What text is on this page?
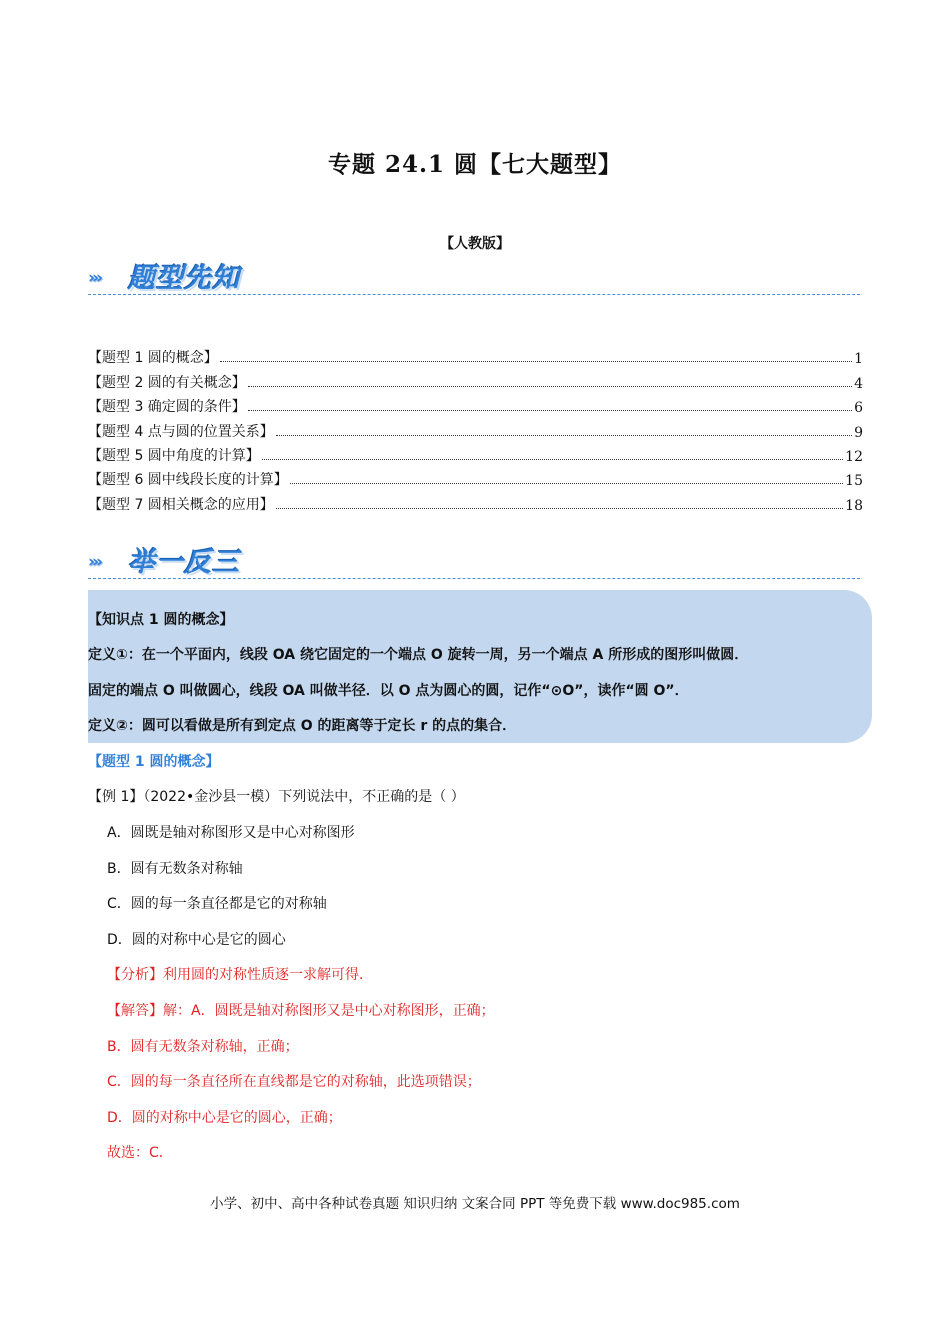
专题 24.1 圆【七大题型】
【人教版】
››› 题型先知
【题型 1 圆的概念】	1
【题型 2 圆的有关概念】	4
【题型 3 确定圆的条件】	6
【题型 4 点与圆的位置关系】	9
【题型 5 圆中角度的计算】	12
【题型 6 圆中线段长度的计算】	15
【题型 7 圆相关概念的应用】	18
››› 举一反三
【知识点 1 圆的概念】
定义①：在一个平面内，线段 OA 绕它固定的一个端点 O 旋转一周，另一个端点 A 所形成的图形叫做圆．
固定的端点 O 叫做圆心，线段 OA 叫做半径．以 O 点为圆心的圆，记作“⊙O”，读作“圆 O”．
定义②：圆可以看做是所有到定点 O 的距离等于定长 r 的点的集合．
【题型 1 圆的概念】
【例 1】（2022•金沙县一模）下列说法中，不正确的是（ ）
A．圆既是轴对称图形又是中心对称图形
B．圆有无数条对称轴
C．圆的每一条直径都是它的对称轴
D．圆的对称中心是它的圆心
【分析】利用圆的对称性质逐一求解可得．
【解答】解：A．圆既是轴对称图形又是中心对称图形，正确；
B．圆有无数条对称轴，正确；
C．圆的每一条直径所在直线都是它的对称轴，此选项错误；
D．圆的对称中心是它的圆心，正确；
故选：C．
小学、初中、高中各种试卷真题 知识归纳 文案合同 PPT 等免费下载 www.doc985.com
